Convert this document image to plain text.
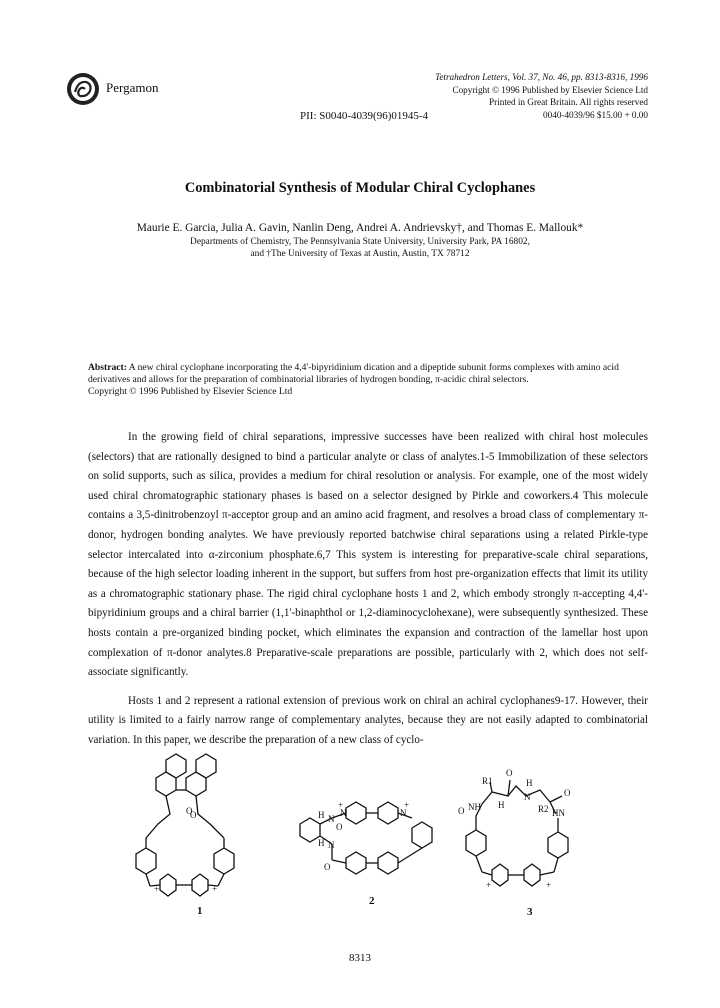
Pergamon
Tetrahedron Letters, Vol. 37, No. 46, pp. 8313-8316, 1996
Copyright © 1996 Published by Elsevier Science Ltd
Printed in Great Britain. All rights reserved
0040-4039/96 $15.00 + 0.00
PII: S0040-4039(96)01945-4
Combinatorial Synthesis of Modular Chiral Cyclophanes
Maurie E. Garcia, Julia A. Gavin, Nanlin Deng, Andrei A. Andrievsky†, and Thomas E. Mallouk*
Departments of Chemistry, The Pennsylvania State University, University Park, PA 16802,
and †The University of Texas at Austin, Austin, TX 78712
Abstract: A new chiral cyclophane incorporating the 4,4'-bipyridinium dication and a dipeptide subunit forms complexes with amino acid derivatives and allows for the preparation of combinatorial libraries of hydrogen bonding, π-acidic chiral selectors.
Copyright © 1996 Published by Elsevier Science Ltd

In the growing field of chiral separations, impressive successes have been realized with chiral host molecules (selectors) that are rationally designed to bind a particular analyte or class of analytes.1-5 Immobilization of these selectors on solid supports, such as silica, provides a medium for chiral resolution or analysis. For example, one of the most widely used chiral chromatographic stationary phases is based on a selector designed by Pirkle and coworkers.4 This molecule contains a 3,5-dinitrobenzoyl π-acceptor group and an amino acid fragment, and resolves a broad class of complementary π-donor, hydrogen bonding analytes. We have previously reported batchwise chiral separations using a related Pirkle-type selector intercalated into α-zirconium phosphate.6,7 This system is interesting for preparative-scale chiral separations, because of the high selector loading inherent in the support, but suffers from host pre-organization effects that limit its utility as a chromatographic stationary phase. The rigid chiral cyclophane hosts 1 and 2, which embody strongly π-accepting 4,4'-bipyridinium groups and a chiral barrier (1,1'-binaphthol or 1,2-diaminocyclohexane), were subsequently synthesized. These hosts contain a pre-organized binding pocket, which eliminates the expansion and contraction of the lamellar host upon complexation of π-donor analytes.8 Preparative-scale preparations are possible, particularly with 2, which does not self-associate significantly.

Hosts 1 and 2 represent a rational extension of previous work on chiral an achiral cyclophanes9-17. However, their utility is limited to a fairly narrow range of complementary analytes, because they are not easily adapted to combinatorial variation. In this paper, we describe the preparation of a new class of cyclo-

O
O	H
H
N
N
O
O
N	N
+	+
+	+
+	+
R1
O
H
N
NH H	R2 HN
O
O
1
2
3
8313
